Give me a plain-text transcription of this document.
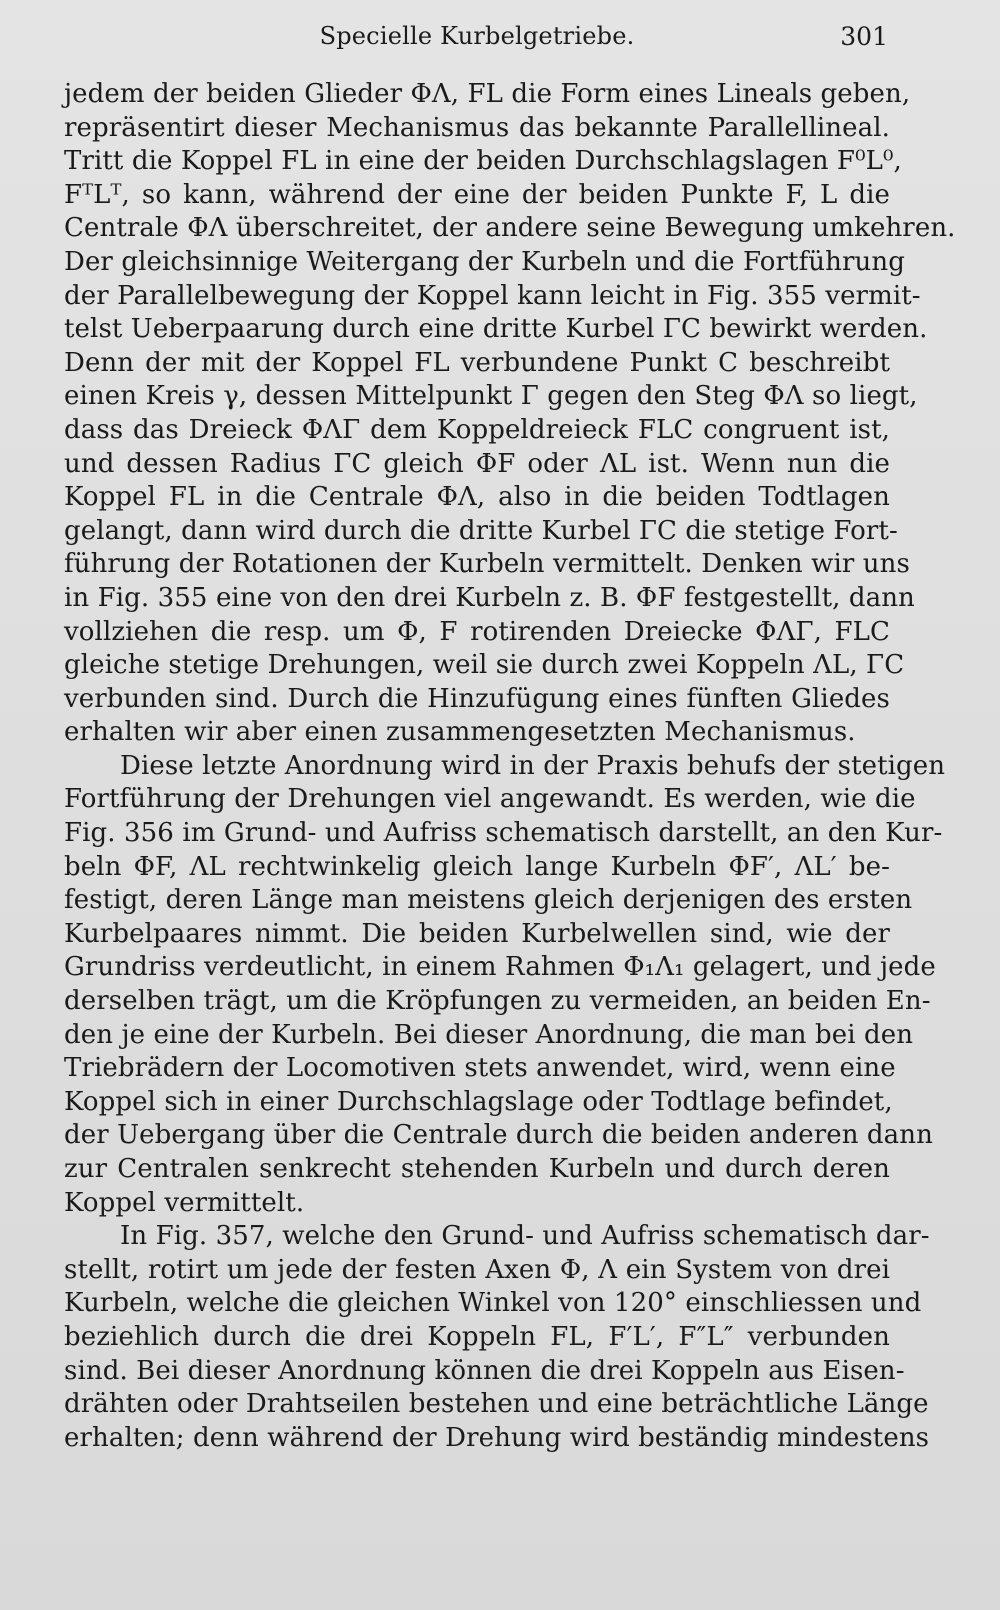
Specielle Kurbelgetriebe.	301
jedem der beiden Glieder ΦΛ, FL die Form eines Lineals geben,
repräsentirt dieser Mechanismus das bekannte Parallellineal.
Tritt die Koppel FL in eine der beiden Durchschlagslagen F⁰L⁰,
FᵀLᵀ, so kann, während der eine der beiden Punkte F, L die
Centrale ΦΛ überschreitet, der andere seine Bewegung umkehren.
Der gleichsinnige Weitergang der Kurbeln und die Fortführung
der Parallelbewegung der Koppel kann leicht in Fig. 355 vermit-
telst Ueberpaarung durch eine dritte Kurbel ΓC bewirkt werden.
Denn der mit der Koppel FL verbundene Punkt C beschreibt
einen Kreis γ, dessen Mittelpunkt Γ gegen den Steg ΦΛ so liegt,
dass das Dreieck ΦΛΓ dem Koppeldreieck FLC congruent ist,
und dessen Radius ΓC gleich ΦF oder ΛL ist. Wenn nun die
Koppel FL in die Centrale ΦΛ, also in die beiden Todtlagen
gelangt, dann wird durch die dritte Kurbel ΓC die stetige Fort-
führung der Rotationen der Kurbeln vermittelt. Denken wir uns
in Fig. 355 eine von den drei Kurbeln z. B. ΦF festgestellt, dann
vollziehen die resp. um Φ, F rotirenden Dreiecke ΦΛΓ, FLC
gleiche stetige Drehungen, weil sie durch zwei Koppeln ΛL, ΓC
verbunden sind. Durch die Hinzufügung eines fünften Gliedes
erhalten wir aber einen zusammengesetzten Mechanismus.
Diese letzte Anordnung wird in der Praxis behufs der stetigen
Fortführung der Drehungen viel angewandt. Es werden, wie die
Fig. 356 im Grund- und Aufriss schematisch darstellt, an den Kur-
beln ΦF, ΛL rechtwinkelig gleich lange Kurbeln ΦF′, ΛL′ be-
festigt, deren Länge man meistens gleich derjenigen des ersten
Kurbelpaares nimmt. Die beiden Kurbelwellen sind, wie der
Grundriss verdeutlicht, in einem Rahmen Φ₁Λ₁ gelagert, und jede
derselben trägt, um die Kröpfungen zu vermeiden, an beiden En-
den je eine der Kurbeln. Bei dieser Anordnung, die man bei den
Triebrädern der Locomotiven stets anwendet, wird, wenn eine
Koppel sich in einer Durchschlagslage oder Todtlage befindet,
der Uebergang über die Centrale durch die beiden anderen dann
zur Centralen senkrecht stehenden Kurbeln und durch deren
Koppel vermittelt.
In Fig. 357, welche den Grund- und Aufriss schematisch dar-
stellt, rotirt um jede der festen Axen Φ, Λ ein System von drei
Kurbeln, welche die gleichen Winkel von 120° einschliessen und
beziehlich durch die drei Koppeln FL, F′L′, F″L″ verbunden
sind. Bei dieser Anordnung können die drei Koppeln aus Eisen-
drähten oder Drahtseilen bestehen und eine beträchtliche Länge
erhalten; denn während der Drehung wird beständig mindestens
